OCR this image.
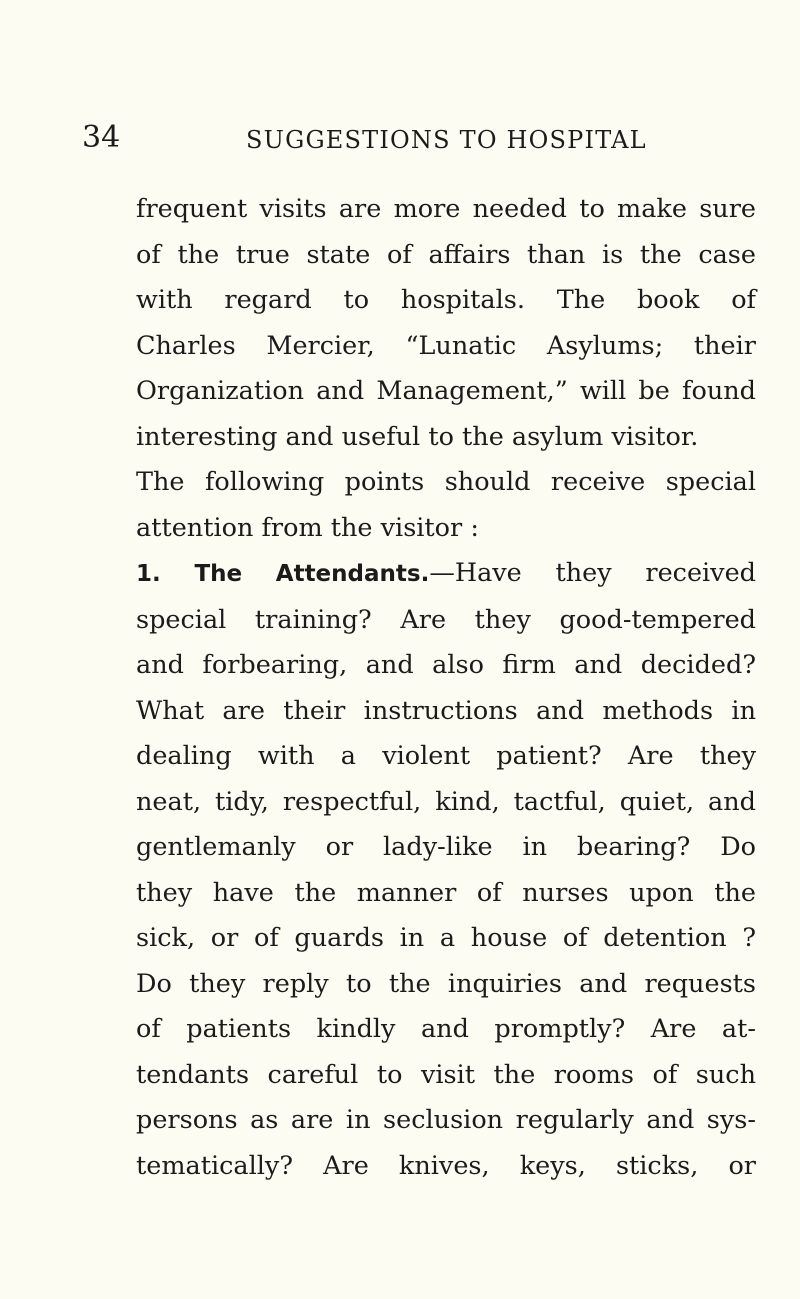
34	SUGGESTIONS TO HOSPITAL
frequent visits are more needed to make sure
of the true state of affairs than is the case
with regard to hospitals. The book of
Charles Mercier, “Lunatic Asylums; their
Organization and Management,” will be found
interesting and useful to the asylum visitor.
The following points should receive special
attention from the visitor :
1. The Attendants.—Have they received
special training? Are they good-tempered
and forbearing, and also firm and decided?
What are their instructions and methods in
dealing with a violent patient? Are they
neat, tidy, respectful, kind, tactful, quiet, and
gentlemanly or lady-like in bearing? Do
they have the manner of nurses upon the
sick, or of guards in a house of detention ?
Do they reply to the inquiries and requests
of patients kindly and promptly? Are at-
tendants careful to visit the rooms of such
persons as are in seclusion regularly and sys-
tematically? Are knives, keys, sticks, or
